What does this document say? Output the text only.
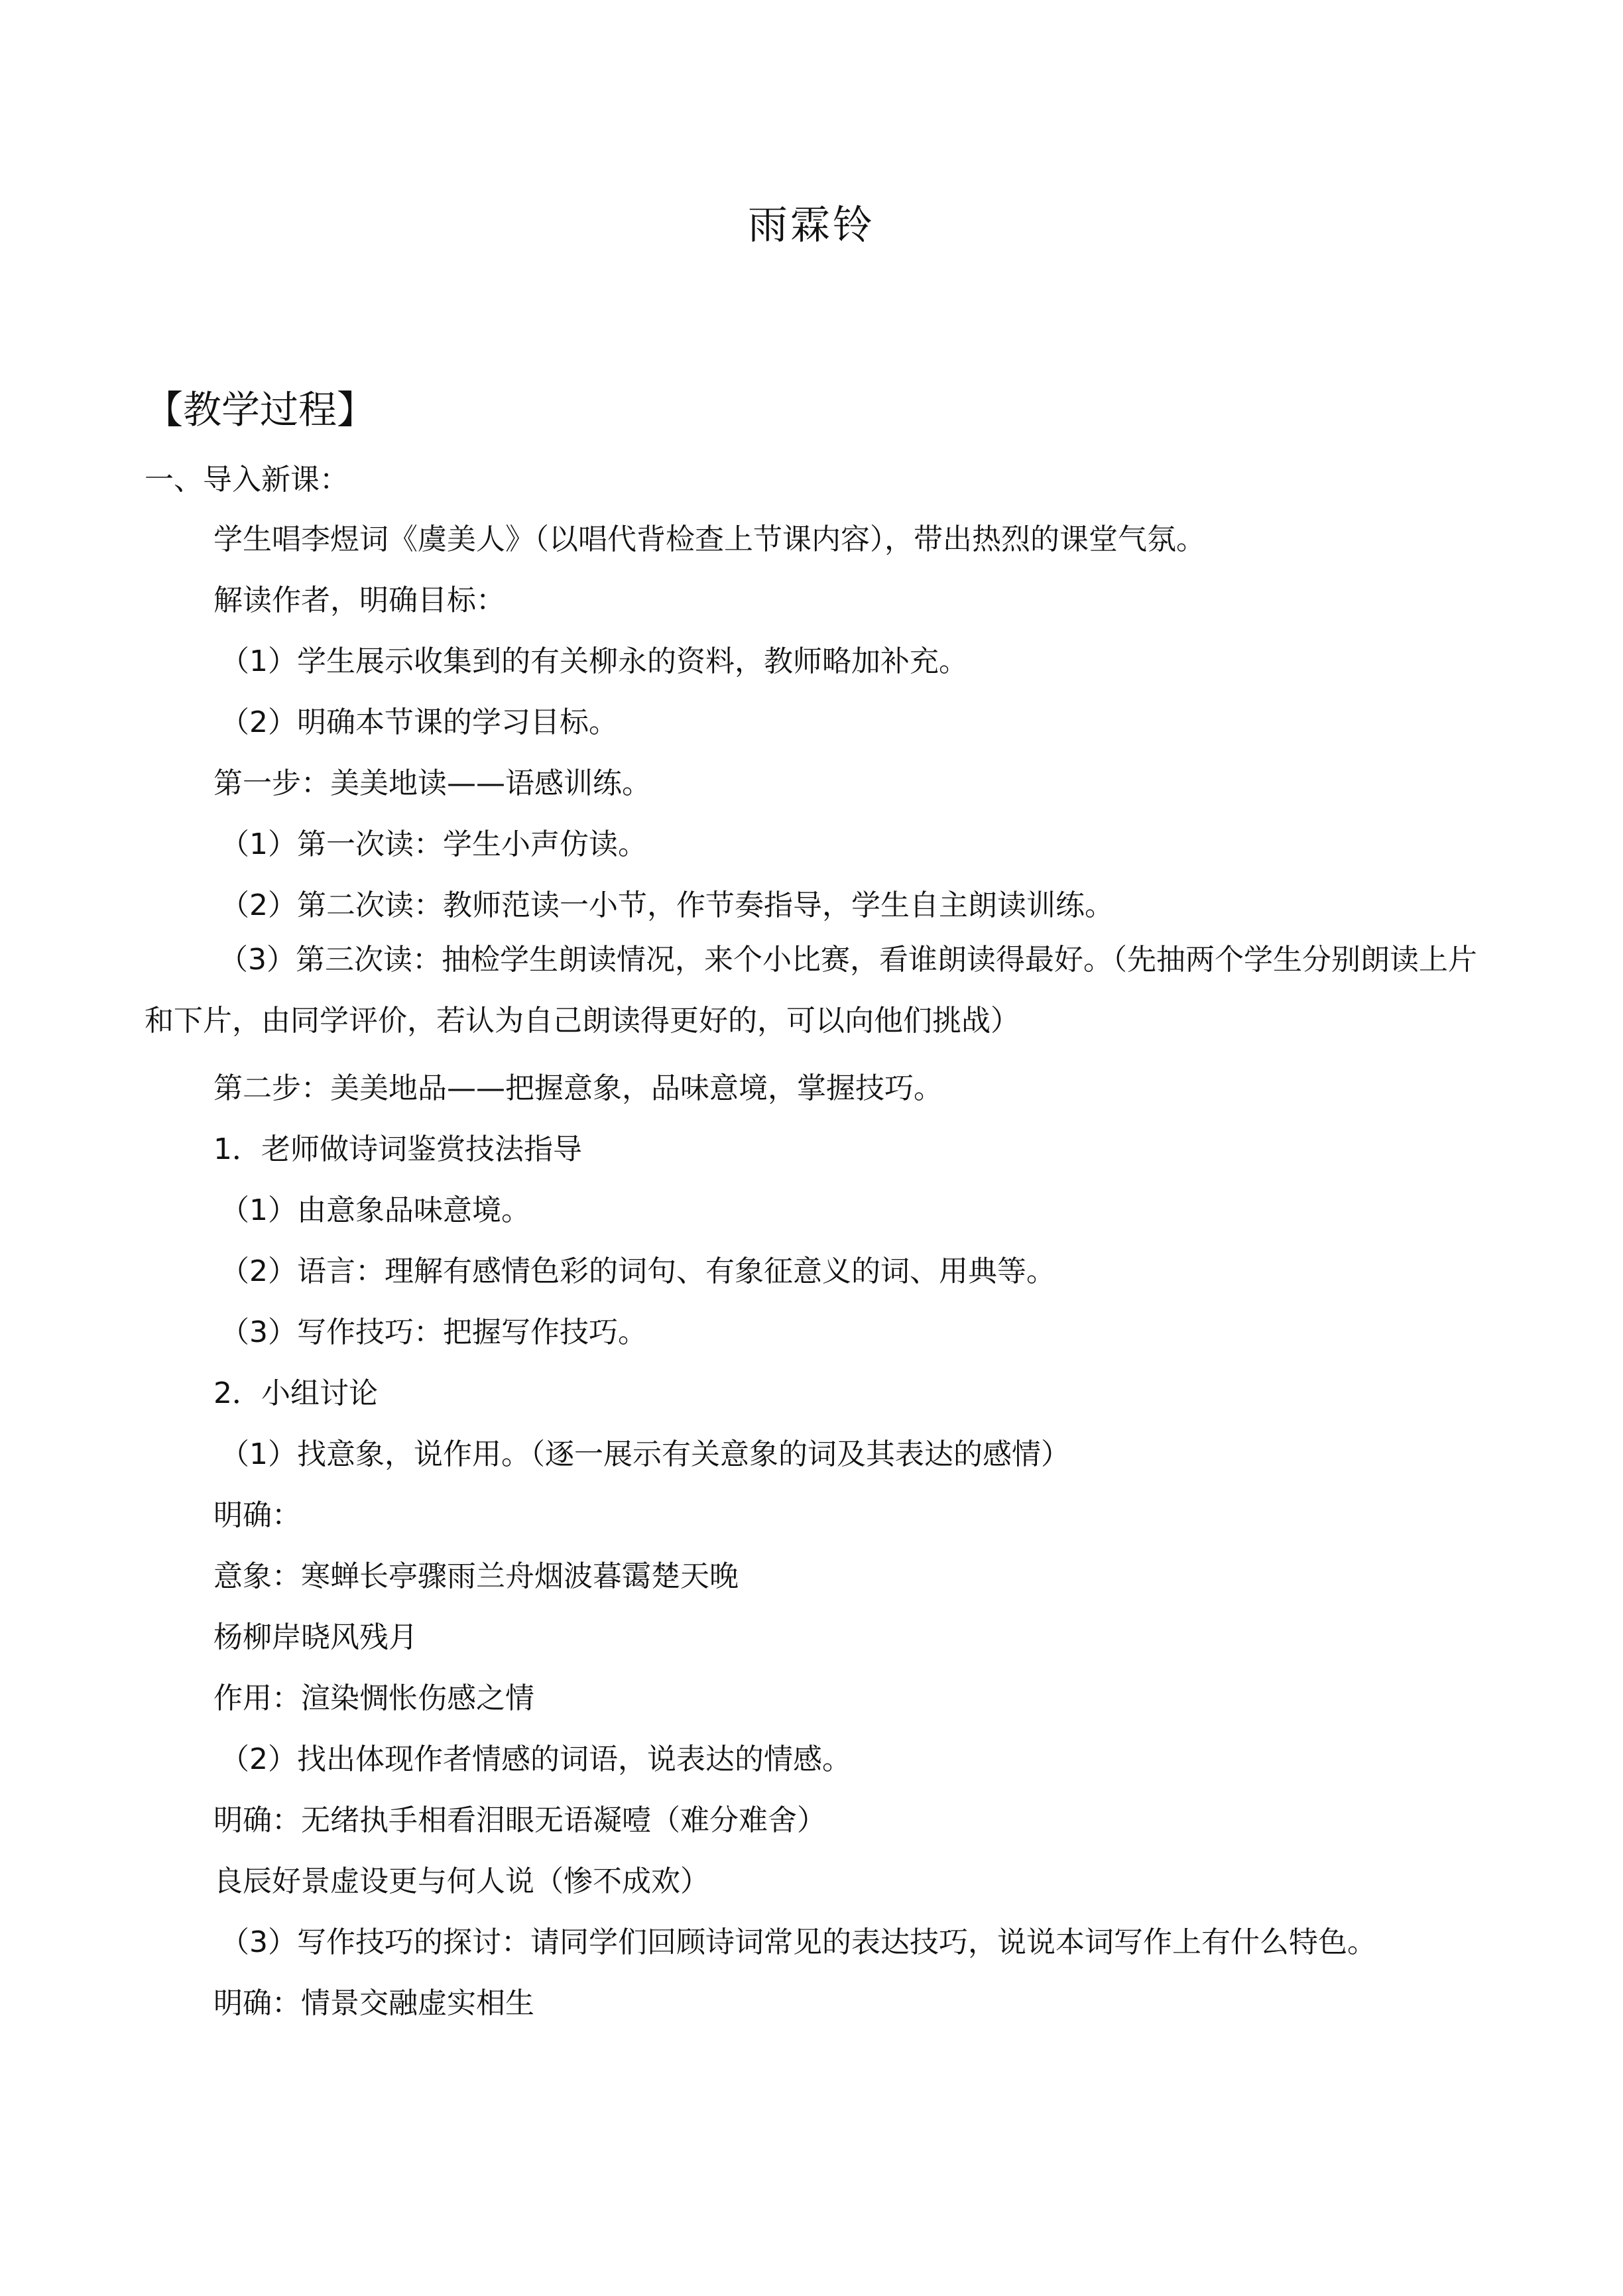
雨霖铃
【教学过程】
一、导入新课：
学生唱李煜词《虞美人》（以唱代背检查上节课内容），带出热烈的课堂气氛。
解读作者，明确目标：
（1）学生展示收集到的有关柳永的资料，教师略加补充。
（2）明确本节课的学习目标。
第一步：美美地读——语感训练。
（1）第一次读：学生小声仿读。
（2）第二次读：教师范读一小节，作节奏指导，学生自主朗读训练。
（3）第三次读：抽检学生朗读情况，来个小比赛，看谁朗读得最好。（先抽两个学生分别朗读上片和下片，由同学评价，若认为自己朗读得更好的，可以向他们挑战）
第二步：美美地品——把握意象，品味意境，掌握技巧。
1．老师做诗词鉴赏技法指导
（1）由意象品味意境。
（2）语言：理解有感情色彩的词句、有象征意义的词、用典等。
（3）写作技巧：把握写作技巧。
2．小组讨论
（1）找意象，说作用。（逐一展示有关意象的词及其表达的感情）
明确：
意象：寒蝉长亭骤雨兰舟烟波暮霭楚天晚
杨柳岸晓风残月
作用：渲染惆怅伤感之情
（2）找出体现作者情感的词语，说表达的情感。
明确：无绪执手相看泪眼无语凝噎（难分难舍）
良辰好景虚设更与何人说（惨不成欢）
（3）写作技巧的探讨：请同学们回顾诗词常见的表达技巧，说说本词写作上有什么特色。
明确：情景交融虚实相生
